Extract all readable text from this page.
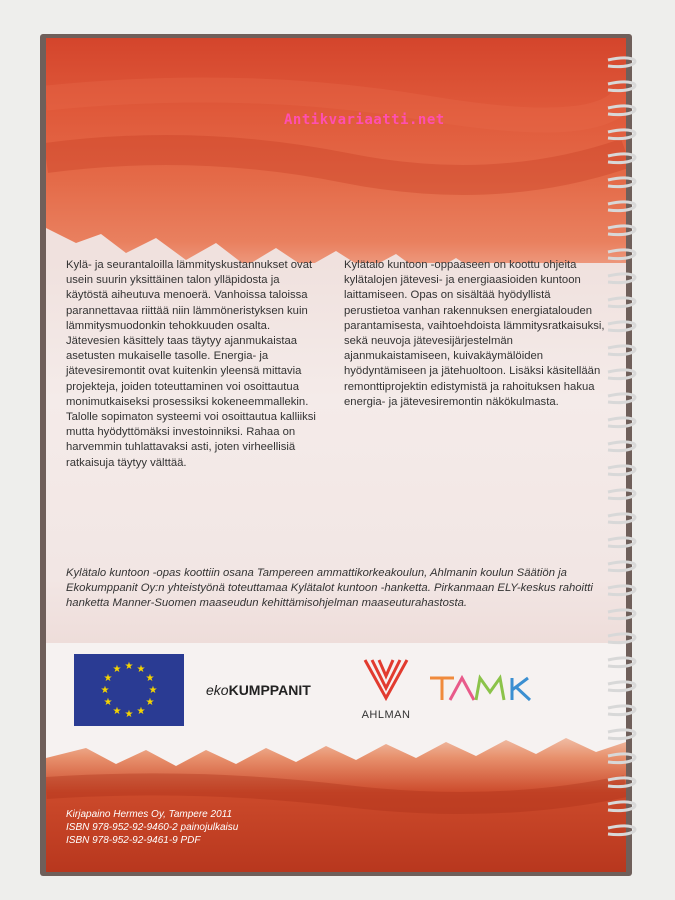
Kylä- ja seurantaloilla lämmityskustannukset ovat usein suurin yksittäinen talon ylläpidosta ja käytöstä aiheutuva menoerä. Vanhoissa taloissa parannettavaa riittää niin lämmöneristyksen kuin lämmitysmuodonkin tehokkuuden osalta. Jätevesien käsittely taas täytyy ajanmukaistaa asetusten mukaiselle tasolle. Energia- ja jätevesiremontit ovat kuitenkin yleensä mittavia projekteja, joiden toteuttaminen voi osoittautua monimutkaiseksi prosessiksi kokeneemmallekin. Talolle sopimaton systeemi voi osoittautua kalliiksi mutta hyödyttömäksi investoinniksi. Rahaa on harvemmin tuhlattavaksi asti, joten virheellisiä ratkaisuja täytyy välttää.
Kylätalo kuntoon -oppaaseen on koottu ohjeita kylätalojen jätevesi- ja energiaasioiden kuntoon laittamiseen. Opas on sisältää hyödyllistä perustietoa vanhan rakennuksen energiatalouden parantamisesta, vaihtoehdoista lämmitysratkaisuksi, sekä neuvoja jätevesijärjestelmän ajanmukaistamiseen, kuivakäymälöiden hyödyntämiseen ja jätehuoltoon. Lisäksi käsitellään remonttiprojektin edistymistä ja rahoituksen hakua energia- ja jätevesiremontin näkökulmasta.
Kylätalo kuntoon -opas koottiin osana Tampereen ammattikorkeakoulun, Ahlmanin koulun Säätiön ja Ekokumppanit Oy:n yhteistyönä toteuttamaa Kylätalot kuntoon -hanketta. Pirkanmaan ELY-keskus rahoitti hanketta Manner-Suomen maaseudun kehittämisohjelman maaseuturahastosta.
★ ★
★
★
★
★
★
★
★
★
★
★
ekoKUMPPANIT
AHLMAN
Kirjapaino Hermes Oy, Tampere 2011
ISBN 978-952-92-9460-2 painojulkaisu
ISBN 978-952-92-9461-9 PDF
Antikvariaatti.net
